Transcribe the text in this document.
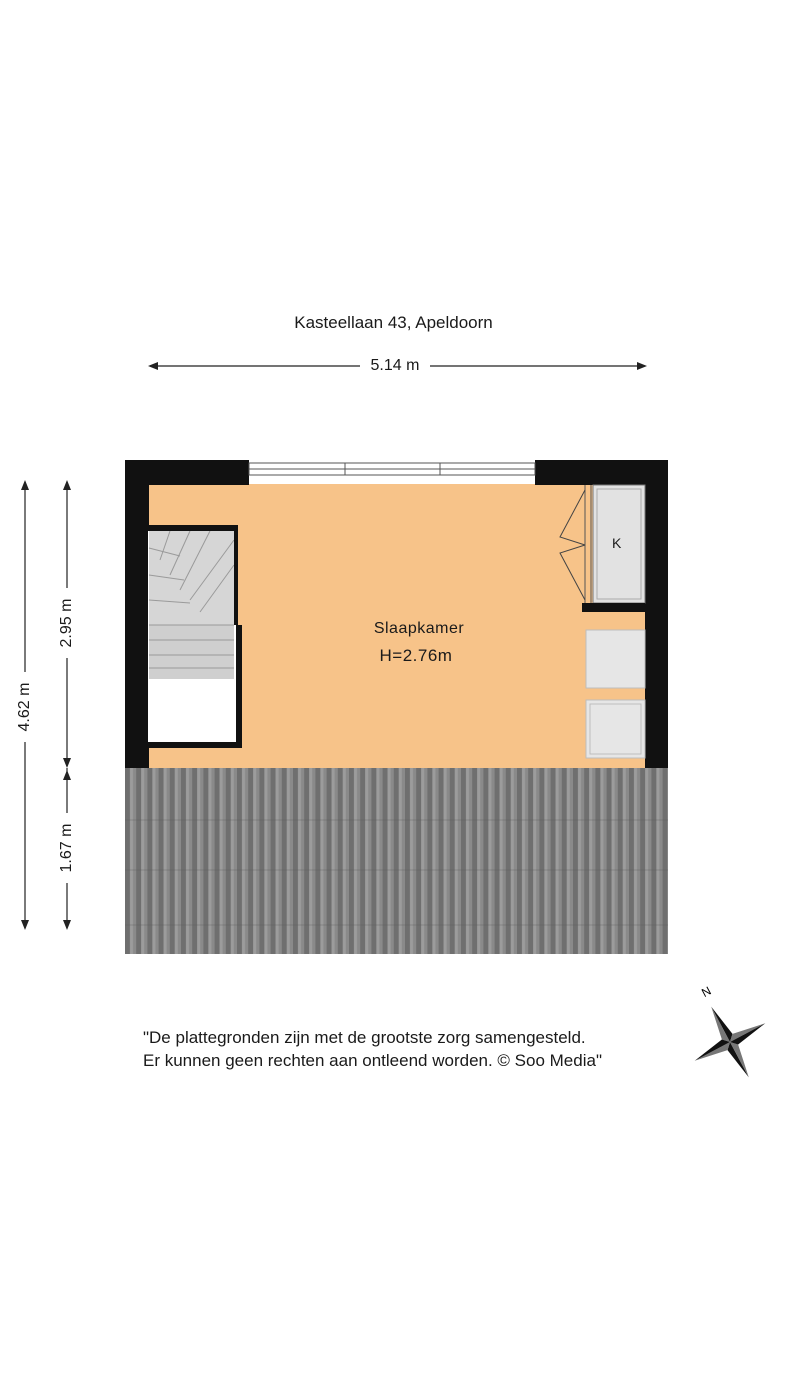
Kasteellaan 43, Apeldoorn
5.14 m
4.62 m
2.95 m
1.67 m
Slaapkamer
H=2.76m
K
"De plattegronden zijn met de grootste zorg samengesteld.
Er kunnen geen rechten aan ontleend worden. © Soo Media"
N
